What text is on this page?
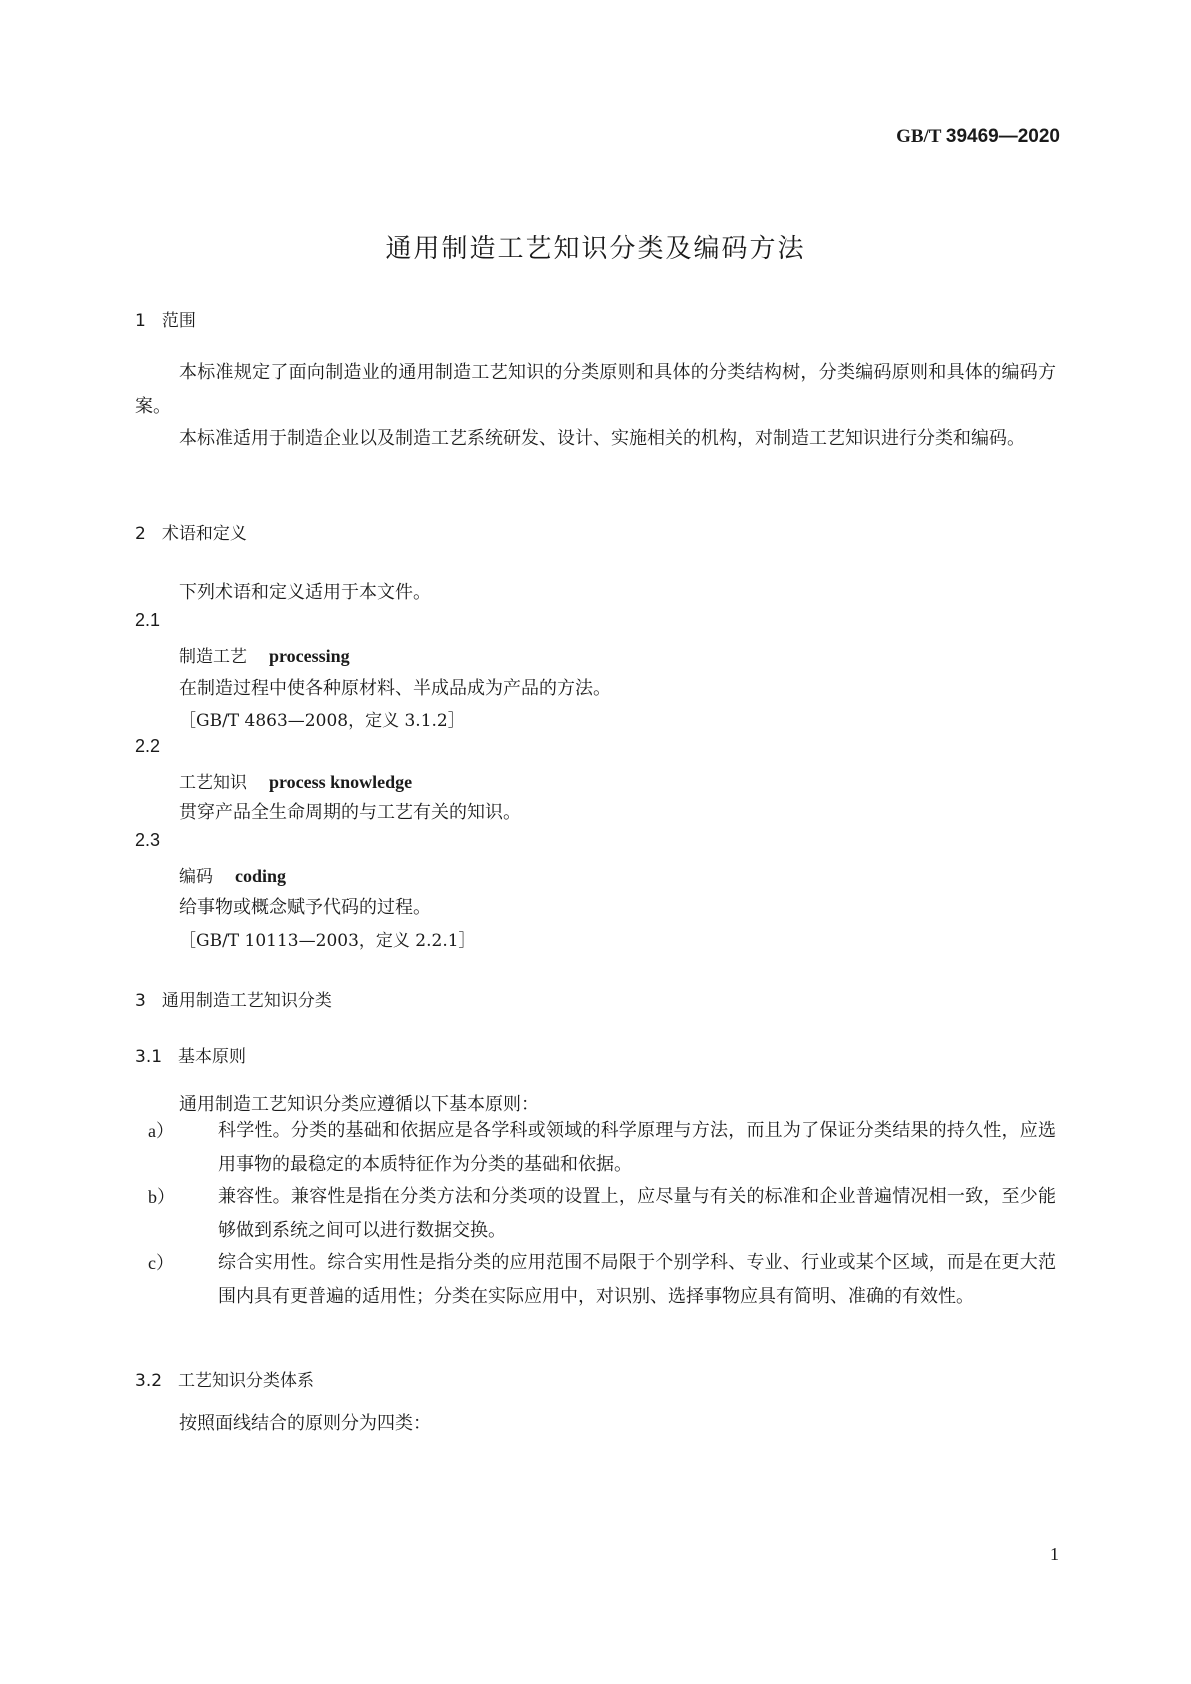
GB/T 39469—2020
通用制造工艺知识分类及编码方法
1 范围
本标准规定了面向制造业的通用制造工艺知识的分类原则和具体的分类结构树，分类编码原则和具体的编码方案。
本标准适用于制造企业以及制造工艺系统研发、设计、实施相关的机构，对制造工艺知识进行分类和编码。
2 术语和定义
下列术语和定义适用于本文件。
2.1
制造工艺 processing
在制造过程中使各种原材料、半成品成为产品的方法。
［GB/T 4863—2008，定义 3.1.2］
2.2
工艺知识 process knowledge
贯穿产品全生命周期的与工艺有关的知识。
2.3
编码 coding
给事物或概念赋予代码的过程。
［GB/T 10113—2003，定义 2.2.1］
3 通用制造工艺知识分类
3.1 基本原则
通用制造工艺知识分类应遵循以下基本原则：
a） 科学性。分类的基础和依据应是各学科或领域的科学原理与方法，而且为了保证分类结果的持久性，应选用事物的最稳定的本质特征作为分类的基础和依据。
b） 兼容性。兼容性是指在分类方法和分类项的设置上，应尽量与有关的标准和企业普遍情况相一致，至少能够做到系统之间可以进行数据交换。
c） 综合实用性。综合实用性是指分类的应用范围不局限于个别学科、专业、行业或某个区域，而是在更大范围内具有更普遍的适用性；分类在实际应用中，对识别、选择事物应具有简明、准确的有效性。
3.2 工艺知识分类体系
按照面线结合的原则分为四类：
1
